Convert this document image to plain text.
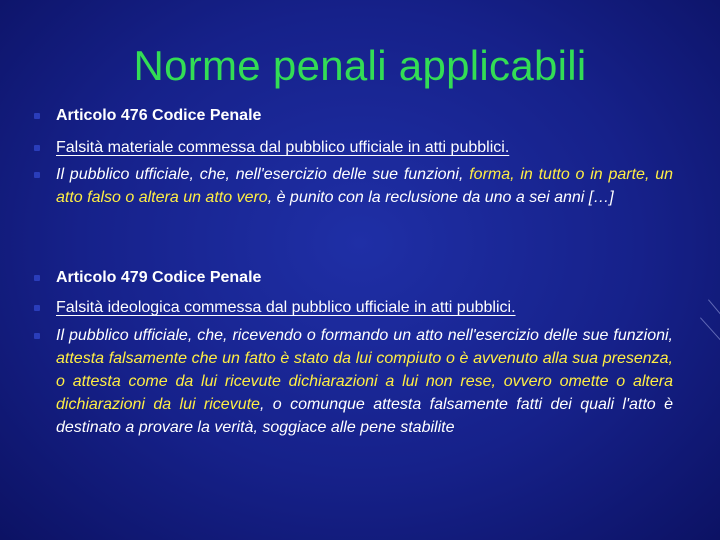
Norme penali applicabili
Articolo 476 Codice Penale
Falsità materiale commessa dal pubblico ufficiale in atti pubblici.
Il pubblico ufficiale, che, nell'esercizio delle sue funzioni, forma, in tutto o in parte, un atto falso o altera un atto vero, è punito con la reclusione da uno a sei anni […]
Articolo 479 Codice Penale
Falsità ideologica commessa dal pubblico ufficiale in atti pubblici.
Il pubblico ufficiale, che, ricevendo o formando un atto nell'esercizio delle sue funzioni, attesta falsamente che un fatto è stato da lui compiuto o è avvenuto alla sua presenza, o attesta come da lui ricevute dichiarazioni a lui non rese, ovvero omette o altera dichiarazioni da lui ricevute, o comunque attesta falsamente fatti dei quali l'atto è destinato a provare la verità, soggiace alle pene stabilite
